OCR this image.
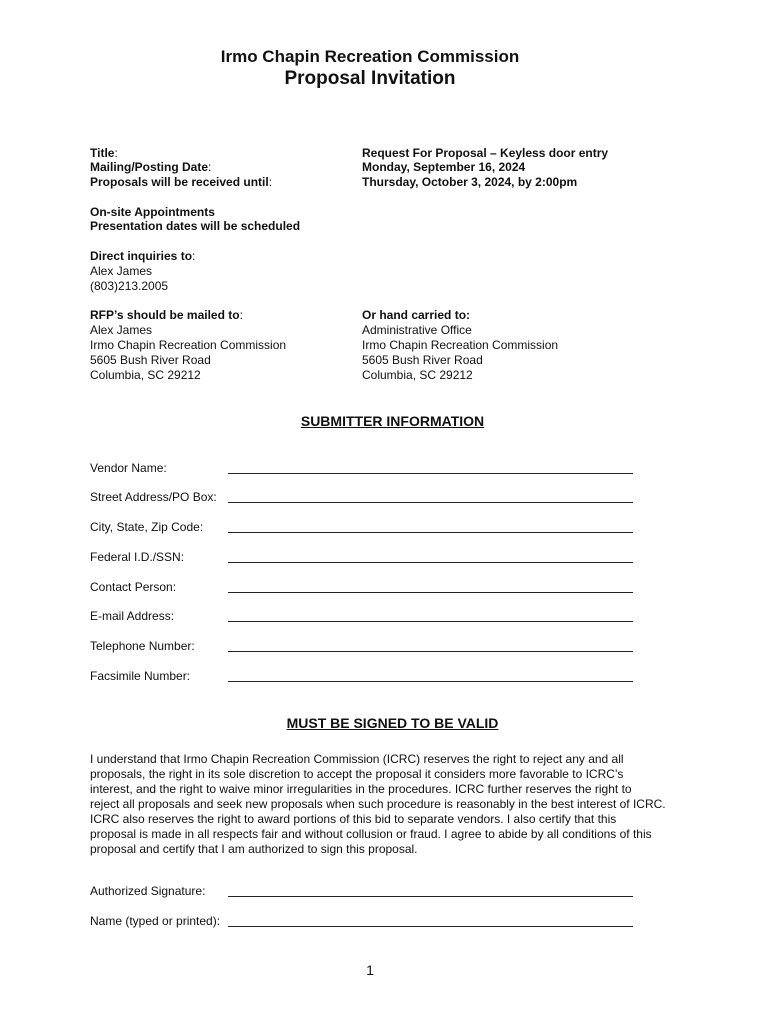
Irmo Chapin Recreation Commission
Proposal Invitation
Title:
Mailing/Posting Date:
Proposals will be received until:
Request For Proposal – Keyless door entry
Monday, September 16, 2024
Thursday, October 3, 2024, by 2:00pm
On-site Appointments
Presentation dates will be scheduled
Direct inquiries to:
Alex James
(803)213.2005
RFP’s should be mailed to:
Alex James
Irmo Chapin Recreation Commission
5605 Bush River Road
Columbia, SC 29212
Or hand carried to:
Administrative Office
Irmo Chapin Recreation Commission
5605 Bush River Road
Columbia, SC 29212
SUBMITTER INFORMATION
Vendor Name:
Street Address/PO Box:
City, State, Zip Code:
Federal I.D./SSN:
Contact Person:
E-mail Address:
Telephone Number:
Facsimile Number:
MUST BE SIGNED TO BE VALID
I understand that Irmo Chapin Recreation Commission (ICRC) reserves the right to reject any and all
proposals, the right in its sole discretion to accept the proposal it considers more favorable to ICRC’s
interest, and the right to waive minor irregularities in the procedures. ICRC further reserves the right to
reject all proposals and seek new proposals when such procedure is reasonably in the best interest of ICRC.
ICRC also reserves the right to award portions of this bid to separate vendors. I also certify that this
proposal is made in all respects fair and without collusion or fraud. I agree to abide by all conditions of this
proposal and certify that I am authorized to sign this proposal.
Authorized Signature:
Name (typed or printed):
1
